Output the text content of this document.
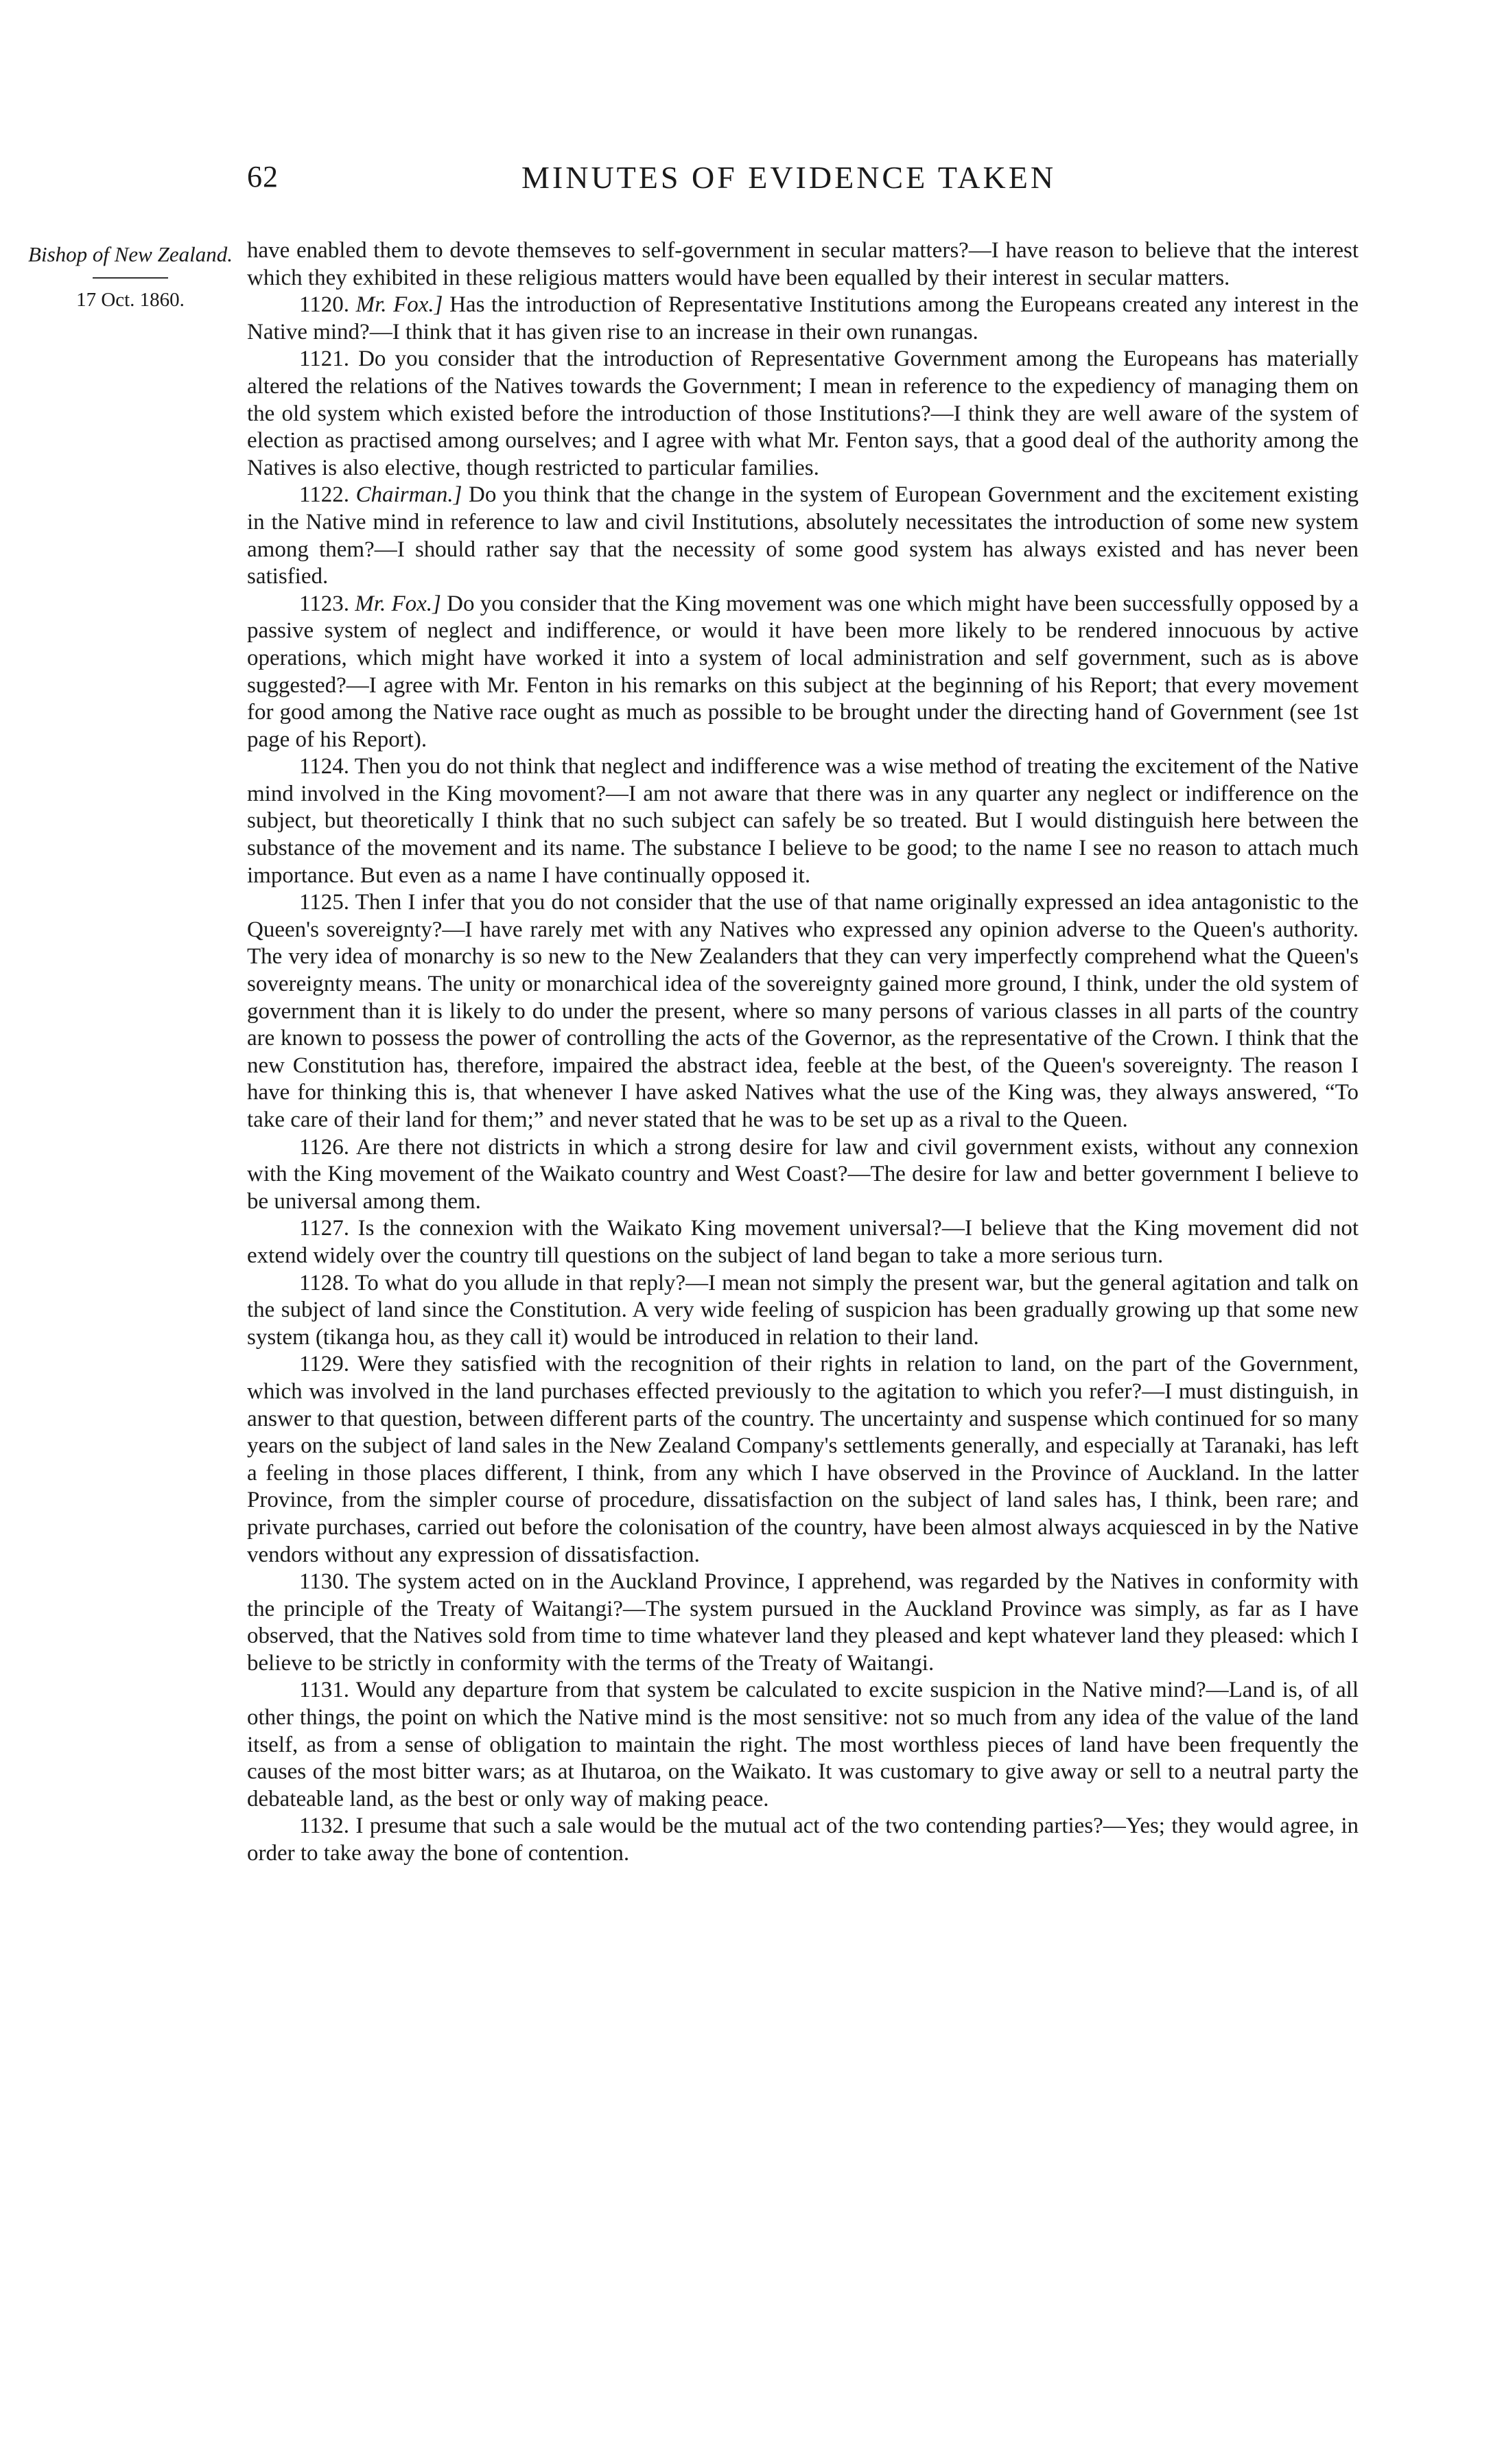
62	MINUTES OF EVIDENCE TAKEN
Bishop of New Zealand.
17 Oct. 1860.

have enabled them to devote themseves to self-government in secular matters?—I have reason to believe that the interest which they exhibited in these religious matters would have been equalled by their interest in secular matters.

1120. Mr. Fox.] Has the introduction of Representative Institutions among the Europeans created any interest in the Native mind?—I think that it has given rise to an increase in their own runangas.

1121. Do you consider that the introduction of Representative Government among the Europeans has materially altered the relations of the Natives towards the Government; I mean in reference to the expediency of managing them on the old system which existed before the introduction of those Institutions?—I think they are well aware of the system of election as practised among ourselves; and I agree with what Mr. Fenton says, that a good deal of the authority among the Natives is also elective, though restricted to particular families.

1122. Chairman.] Do you think that the change in the system of European Government and the excitement existing in the Native mind in reference to law and civil Institutions, absolutely necessitates the introduction of some new system among them?—I should rather say that the necessity of some good system has always existed and has never been satisfied.

1123. Mr. Fox.] Do you consider that the King movement was one which might have been successfully opposed by a passive system of neglect and indifference, or would it have been more likely to be rendered innocuous by active operations, which might have worked it into a system of local administration and self government, such as is above suggested?—I agree with Mr. Fenton in his remarks on this subject at the beginning of his Report; that every movement for good among the Native race ought as much as possible to be brought under the directing hand of Government (see 1st page of his Report).

1124. Then you do not think that neglect and indifference was a wise method of treating the excitement of the Native mind involved in the King movoment?—I am not aware that there was in any quarter any neglect or indifference on the subject, but theoretically I think that no such subject can safely be so treated. But I would distinguish here between the substance of the movement and its name. The substance I believe to be good; to the name I see no reason to attach much importance. But even as a name I have continually opposed it.

1125. Then I infer that you do not consider that the use of that name originally expressed an idea antagonistic to the Queen's sovereignty?—I have rarely met with any Natives who expressed any opinion adverse to the Queen's authority. The very idea of monarchy is so new to the New Zealanders that they can very imperfectly comprehend what the Queen's sovereignty means. The unity or monarchical idea of the sovereignty gained more ground, I think, under the old system of government than it is likely to do under the present, where so many persons of various classes in all parts of the country are known to possess the power of controlling the acts of the Governor, as the representative of the Crown. I think that the new Constitution has, therefore, impaired the abstract idea, feeble at the best, of the Queen's sovereignty. The reason I have for thinking this is, that whenever I have asked Natives what the use of the King was, they always answered, “To take care of their land for them;” and never stated that he was to be set up as a rival to the Queen.

1126. Are there not districts in which a strong desire for law and civil government exists, without any connexion with the King movement of the Waikato country and West Coast?—The desire for law and better government I believe to be universal among them.

1127. Is the connexion with the Waikato King movement universal?—I believe that the King movement did not extend widely over the country till questions on the subject of land began to take a more serious turn.

1128. To what do you allude in that reply?—I mean not simply the present war, but the general agitation and talk on the subject of land since the Constitution. A very wide feeling of suspicion has been gradually growing up that some new system (tikanga hou, as they call it) would be introduced in relation to their land.

1129. Were they satisfied with the recognition of their rights in relation to land, on the part of the Government, which was involved in the land purchases effected previously to the agitation to which you refer?—I must distinguish, in answer to that question, between different parts of the country. The uncertainty and suspense which continued for so many years on the subject of land sales in the New Zealand Company's settlements generally, and especially at Taranaki, has left a feeling in those places different, I think, from any which I have observed in the Province of Auckland. In the latter Province, from the simpler course of procedure, dissatisfaction on the subject of land sales has, I think, been rare; and private purchases, carried out before the colonisation of the country, have been almost always acquiesced in by the Native vendors without any expression of dissatisfaction.

1130. The system acted on in the Auckland Province, I apprehend, was regarded by the Natives in conformity with the principle of the Treaty of Waitangi?—The system pursued in the Auckland Province was simply, as far as I have observed, that the Natives sold from time to time whatever land they pleased and kept whatever land they pleased: which I believe to be strictly in conformity with the terms of the Treaty of Waitangi.

1131. Would any departure from that system be calculated to excite suspicion in the Native mind?—Land is, of all other things, the point on which the Native mind is the most sensitive: not so much from any idea of the value of the land itself, as from a sense of obligation to maintain the right. The most worthless pieces of land have been frequently the causes of the most bitter wars; as at Ihutaroa, on the Waikato. It was customary to give away or sell to a neutral party the debateable land, as the best or only way of making peace.

1132. I presume that such a sale would be the mutual act of the two contending parties?—Yes; they would agree, in order to take away the bone of contention.
